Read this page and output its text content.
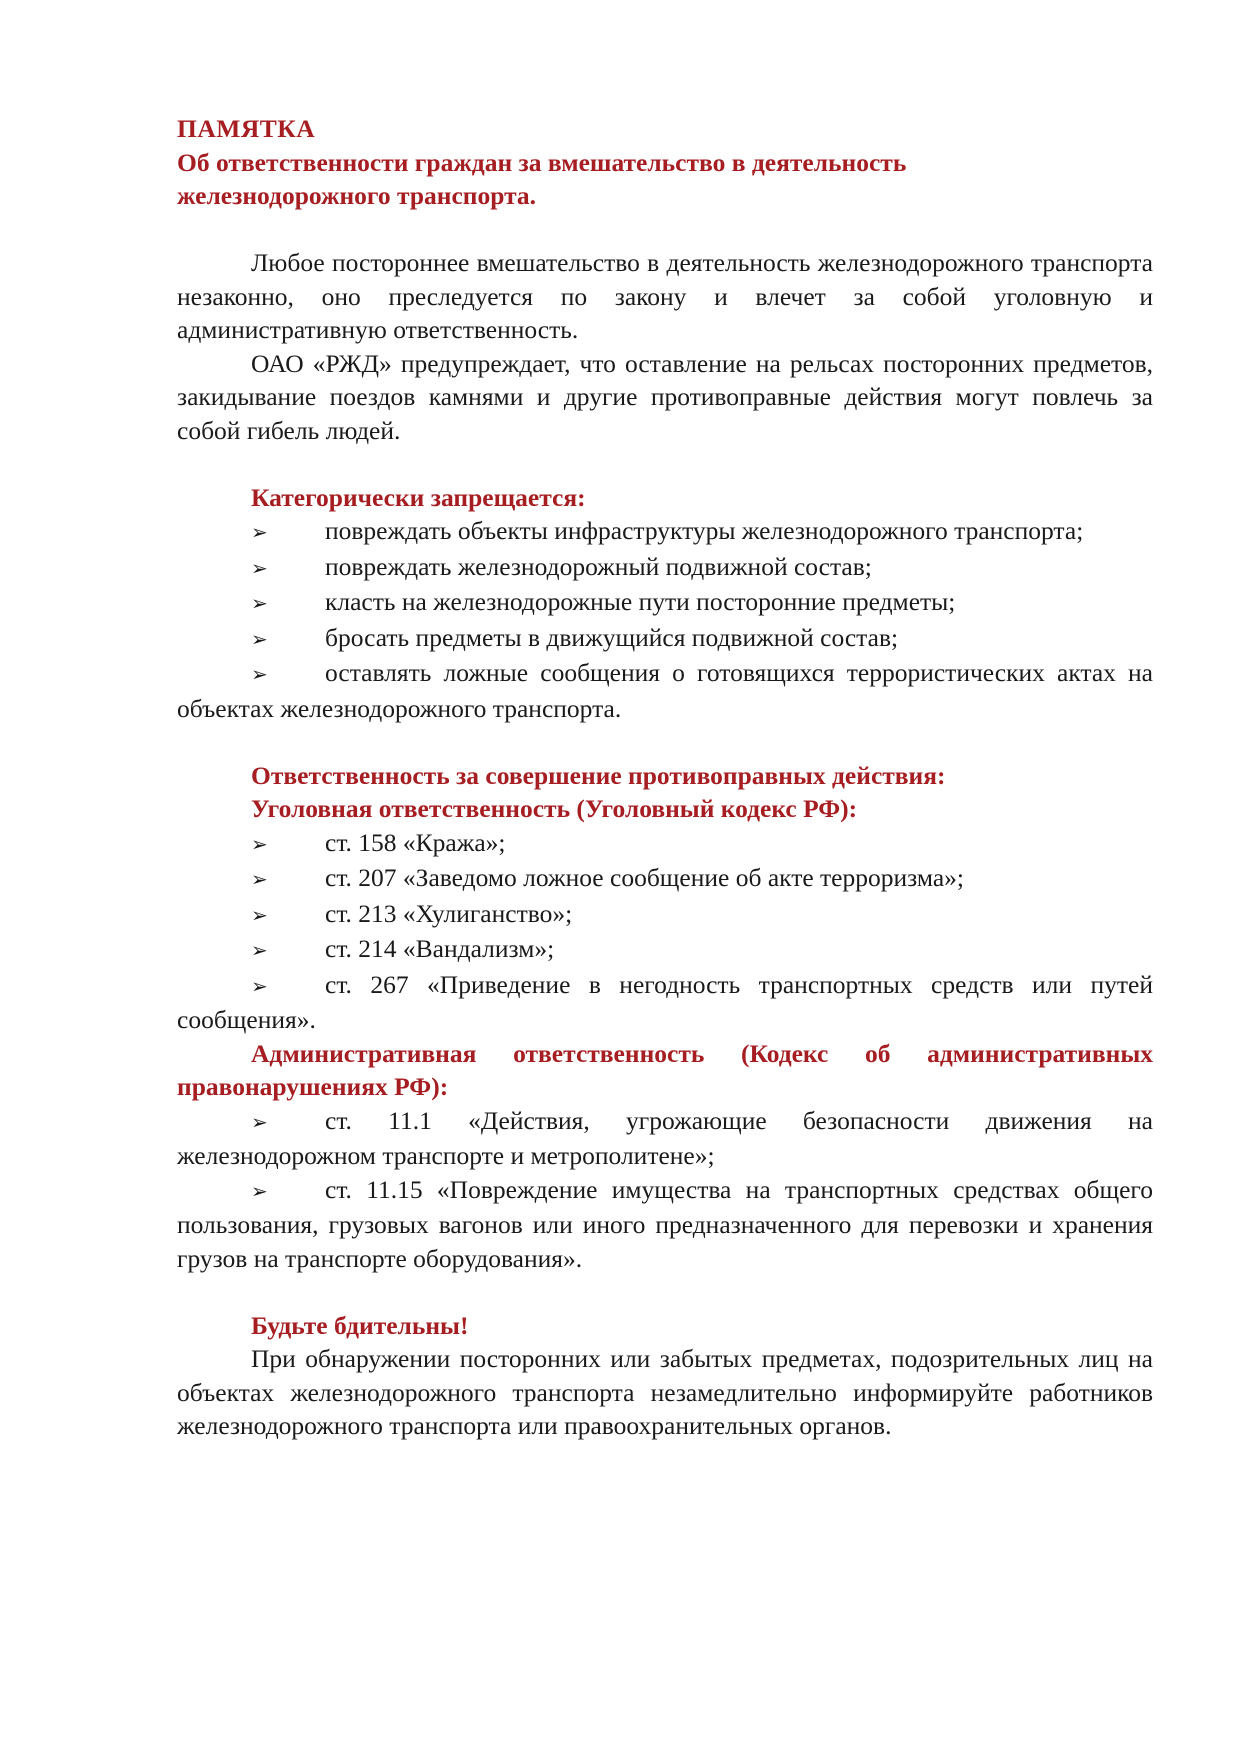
ПАМЯТКА

Об ответственности граждан за вмешательство в деятельность

железнодорожного транспорта.

Любое постороннее вмешательство в деятельность железнодорожного транспорта незаконно, оно преследуется по закону и влечет за собой уголовную и административную ответственность.

ОАО «РЖД» предупреждает, что оставление на рельсах посторонних предметов, закидывание поездов камнями и другие противоправные действия могут повлечь за собой гибель людей.

Категорически запрещается:

➢ повреждать объекты инфраструктуры железнодорожного транспорта;

➢ повреждать железнодорожный подвижной состав;

➢ класть на железнодорожные пути посторонние предметы;

➢ бросать предметы в движущийся подвижной состав;

➢ оставлять ложные сообщения о готовящихся террористических актах на объектах железнодорожного транспорта.

Ответственность за совершение противоправных действия:

Уголовная ответственность (Уголовный кодекс РФ):

➢ ст. 158 «Кража»;

➢ ст. 207 «Заведомо ложное сообщение об акте терроризма»;

➢ ст. 213 «Хулиганство»;

➢ ст. 214 «Вандализм»;

➢ ст. 267 «Приведение в негодность транспортных средств или путей сообщения».

Административная ответственность (Кодекс об административных правонарушениях РФ):

➢ ст. 11.1 «Действия, угрожающие безопасности движения на железнодорожном транспорте и метрополитене»;

➢ ст. 11.15 «Повреждение имущества на транспортных средствах общего пользования, грузовых вагонов или иного предназначенного для перевозки и хранения грузов на транспорте оборудования».

Будьте бдительны!

При обнаружении посторонних или забытых предметах, подозрительных лиц на объектах железнодорожного транспорта незамедлительно информируйте работников железнодорожного транспорта или правоохранительных органов.
